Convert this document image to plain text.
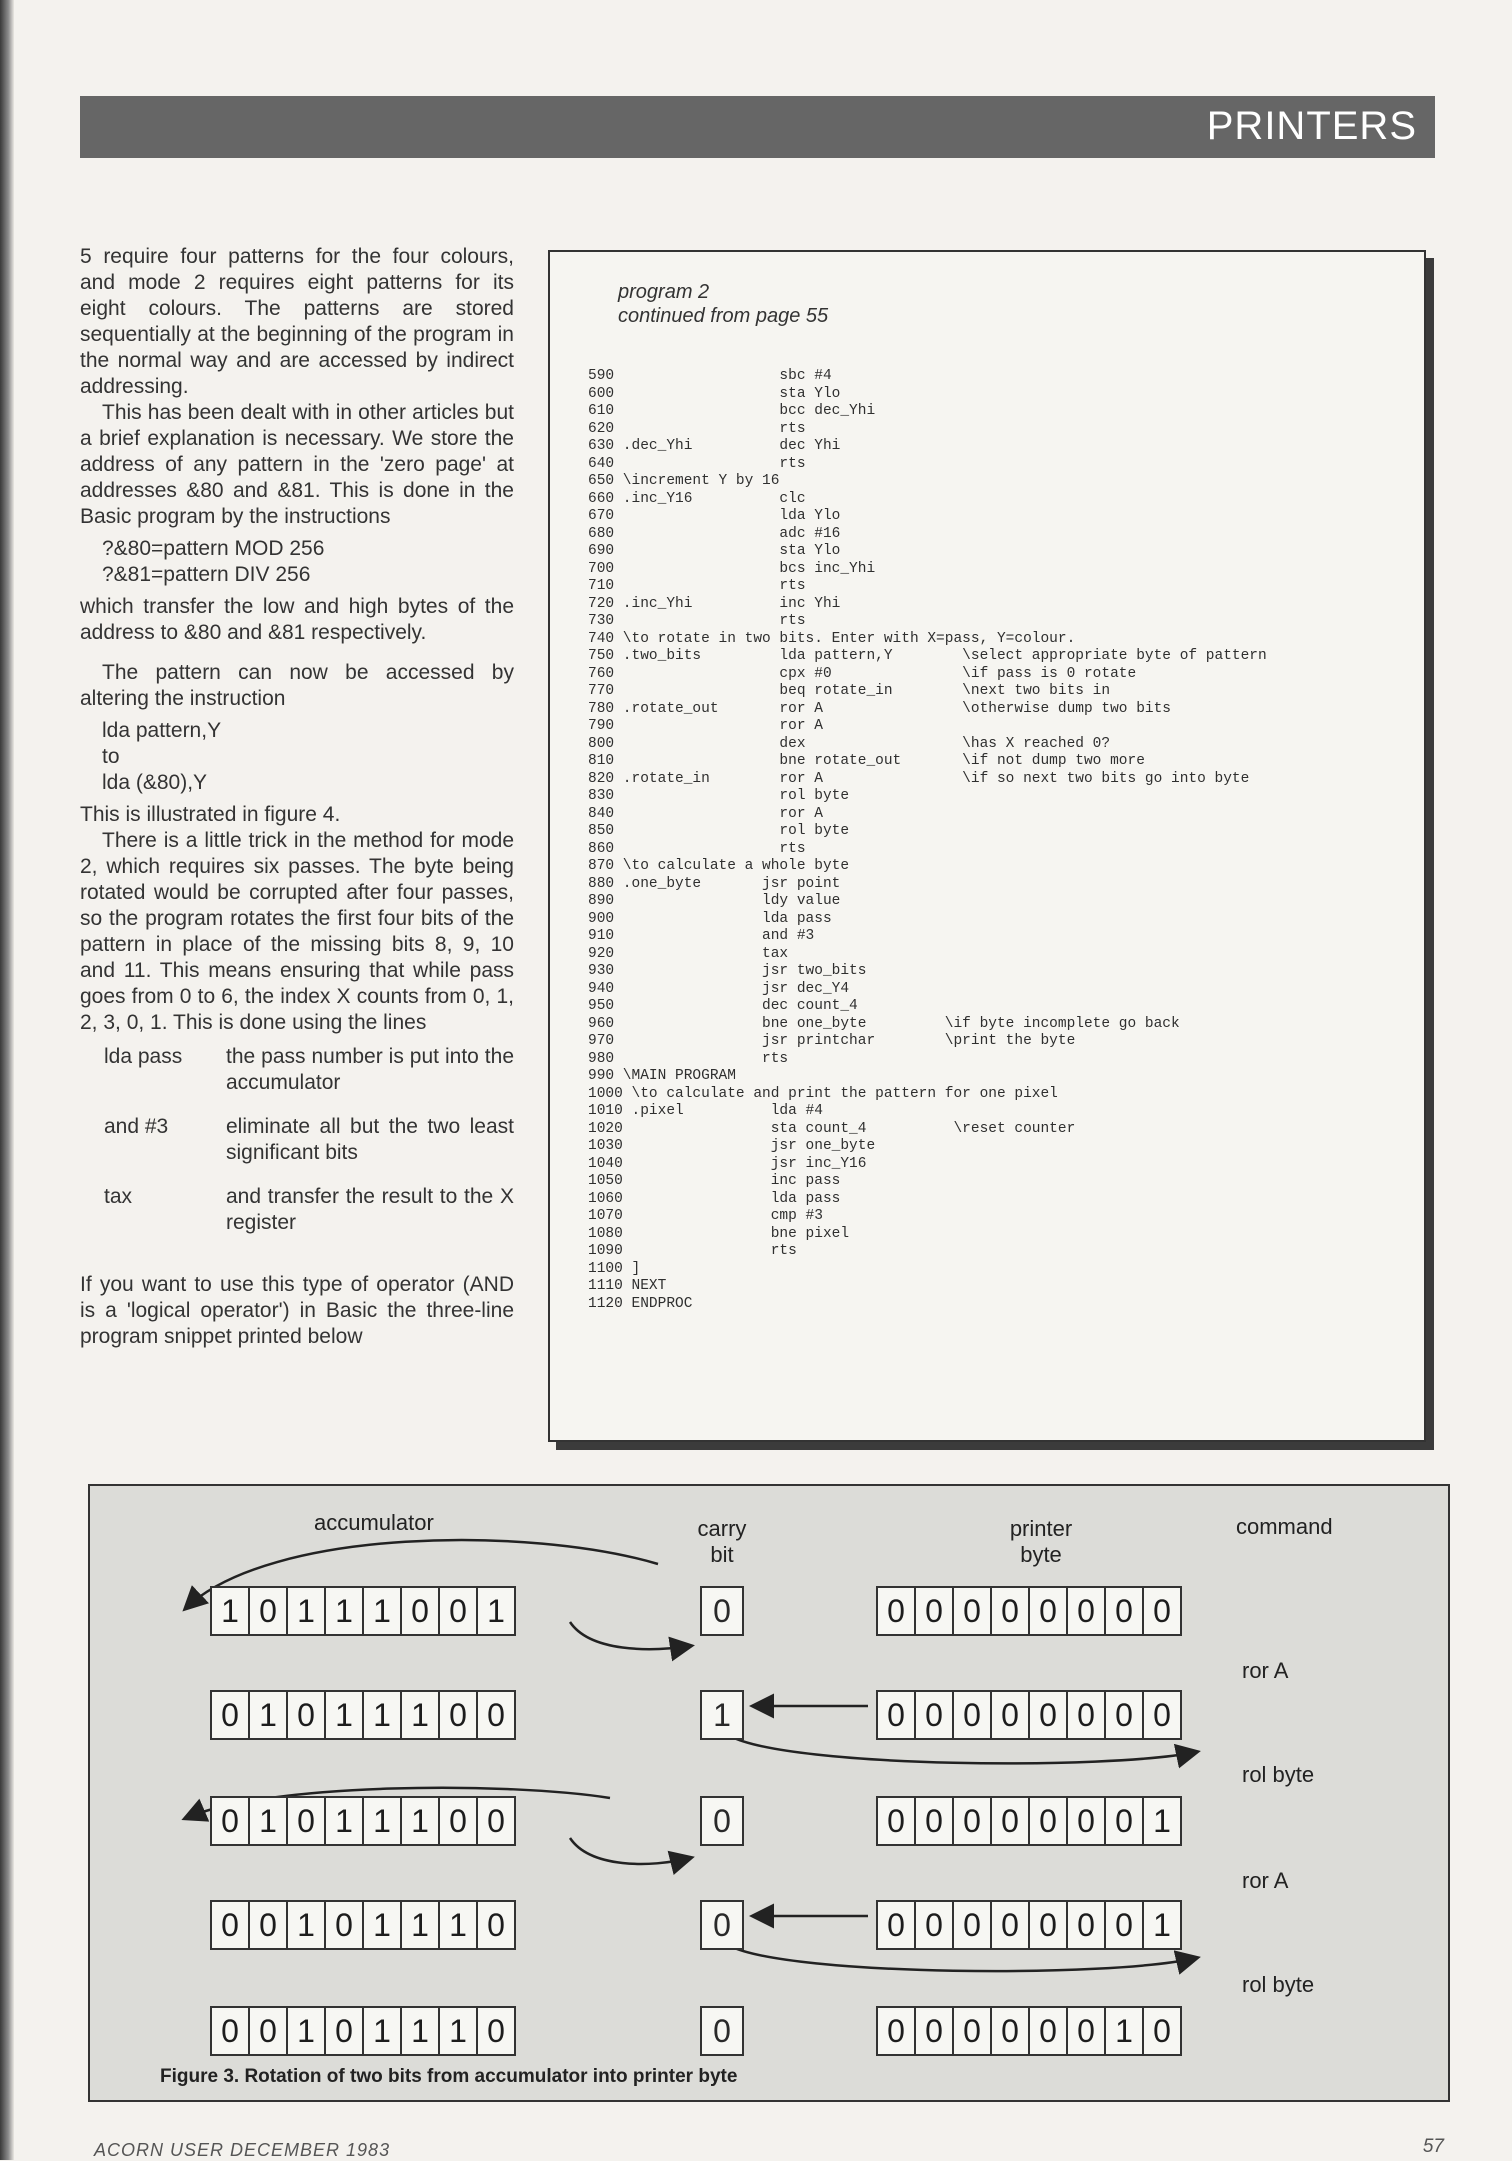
PRINTERS

5 require four patterns for the four colours, and mode 2 requires eight patterns for its eight colours. The patterns are stored sequentially at the beginning of the program in the normal way and are accessed by indirect addressing.

This has been dealt with in other articles but a brief explanation is necessary. We store the address of any pattern in the 'zero page' at addresses &80 and &81. This is done in the Basic program by the instructions

?&80=pattern MOD 256
?&81=pattern DIV 256

which transfer the low and high bytes of the address to &80 and &81 respectively.

The pattern can now be accessed by altering the instruction

lda pattern,Y
to
lda (&80),Y

This is illustrated in figure 4.

There is a little trick in the method for mode 2, which requires six passes. The byte being rotated would be corrupted after four passes, so the program rotates the first four bits of the pattern in place of the missing bits 8, 9, 10 and 11. This means ensuring that while pass goes from 0 to 6, the index X counts from 0, 1, 2, 3, 0, 1. This is done using the lines

lda pass	the pass number is put into the accumulator
and #3	eliminate all but the two least significant bits
tax	and transfer the result to the X register

If you want to use this type of operator (AND is a 'logical operator') in Basic the three-line program snippet printed below

program 2
continued from page 55
590                   sbc #4
600                   sta Ylo
610                   bcc dec_Yhi
620                   rts
630 .dec_Yhi          dec Yhi
640                   rts
650 \increment Y by 16
660 .inc_Y16          clc
670                   lda Ylo
680                   adc #16
690                   sta Ylo
700                   bcs inc_Yhi
710                   rts
720 .inc_Yhi          inc Yhi
730                   rts
740 \to rotate in two bits. Enter with X=pass, Y=colour.
750 .two_bits         lda pattern,Y        \select appropriate byte of pattern
760                   cpx #0               \if pass is 0 rotate
770                   beq rotate_in        \next two bits in
780 .rotate_out       ror A                \otherwise dump two bits
790                   ror A
800                   dex                  \has X reached 0?
810                   bne rotate_out       \if not dump two more
820 .rotate_in        ror A                \if so next two bits go into byte
830                   rol byte
840                   ror A
850                   rol byte
860                   rts
870 \to calculate a whole byte
880 .one_byte       jsr point
890                 ldy value
900                 lda pass
910                 and #3
920                 tax
930                 jsr two_bits
940                 jsr dec_Y4
950                 dec count_4
960                 bne one_byte         \if byte incomplete go back
970                 jsr printchar        \print the byte
980                 rts
990 \MAIN PROGRAM
1000 \to calculate and print the pattern for one pixel
1010 .pixel          lda #4
1020                 sta count_4          \reset counter
1030                 jsr one_byte
1040                 jsr inc_Y16
1050                 inc pass
1060                 lda pass
1070                 cmp #3
1080                 bne pixel
1090                 rts
1100 ]
1110 NEXT
1120 ENDPROC
accumulator	carry bit
printer byte
command
1 0 1 1 1 0 0 1	0	0 0 0 0 0 0 0 0
ror A
0 1 0 1 1 1 0 0	1	0 0 0 0 0 0 0 0
rol byte
0 1 0 1 1 1 0 0	0	0 0 0 0 0 0 0 1
ror A
0 0 1 0 1 1 1 0	0	0 0 0 0 0 0 0 1
rol byte
0 0 1 0 1 1 1 0	0	0 0 0 0 0 0 1 0
Figure 3. Rotation of two bits from accumulator into printer byte
ACORN USER DECEMBER 1983	57
